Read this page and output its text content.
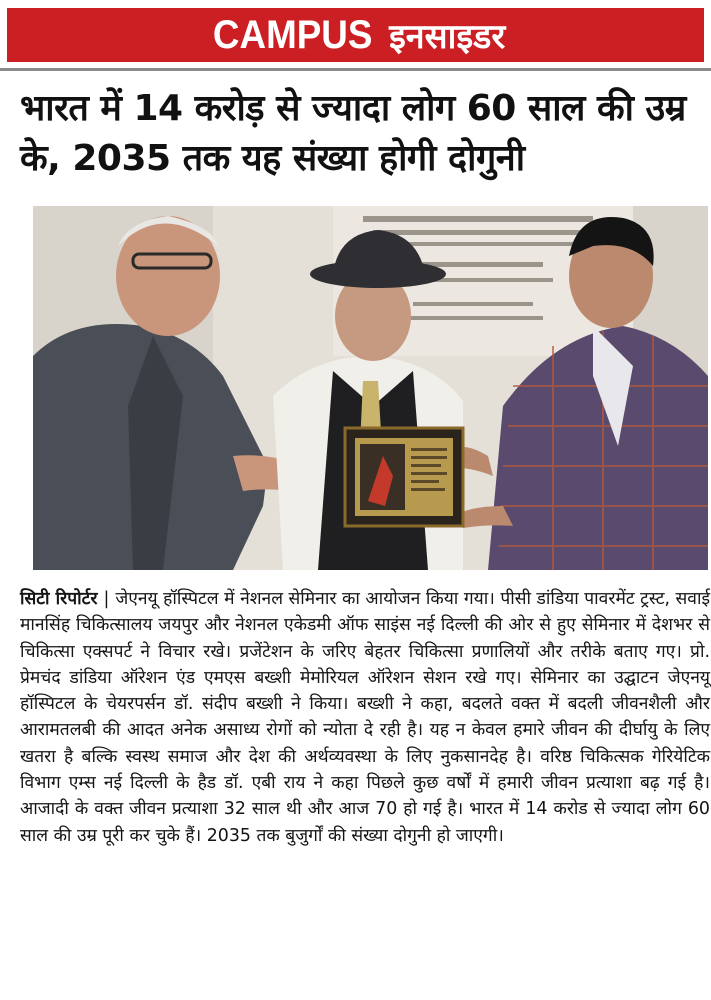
CAMPUS इनसाइडर
भारत में 14 करोड़ से ज्यादा लोग 60 साल की उम्र के, 2035 तक यह संख्या होगी दोगुनी
सिटी रिपोर्टर | जेएनयू हॉस्पिटल में नेशनल सेमिनार का आयोजन किया गया। पीसी डांडिया पावरमेंट ट्रस्ट, सवाई मानसिंह चिकित्सालय जयपुर और नेशनल एकेडमी ऑफ साइंस नई दिल्ली की ओर से हुए सेमिनार में देशभर से चिकित्सा एक्सपर्ट ने विचार रखे। प्रजेंटेशन के जरिए बेहतर चिकित्सा प्रणालियों और तरीके बताए गए। प्रो. प्रेमचंद डांडिया ऑरेशन एंड एमएस बख्शी मेमोरियल ऑरेशन सेशन रखे गए। सेमिनार का उद्घाटन जेएनयू हॉस्पिटल के चेयरपर्सन डॉ. संदीप बख्शी ने किया। बख्शी ने कहा, बदलते वक्त में बदली जीवनशैली और आरामतलबी की आदत अनेक असाध्य रोगों को न्योता दे रही है। यह न केवल हमारे जीवन की दीर्घायु के लिए खतरा है बल्कि स्वस्थ समाज और देश की अर्थव्यवस्था के लिए नुकसानदेह है। वरिष्ठ चिकित्सक गेरियेटिक विभाग एम्स नई दिल्ली के हैड डॉ. एबी राय ने कहा पिछले कुछ वर्षों में हमारी जीवन प्रत्याशा बढ़ गई है। आजादी के वक्त जीवन प्रत्याशा 32 साल थी और आज 70 हो गई है। भारत में 14 करोड से ज्यादा लोग 60 साल की उम्र पूरी कर चुके हैं। 2035 तक बुजुर्गों की संख्या दोगुनी हो जाएगी।
